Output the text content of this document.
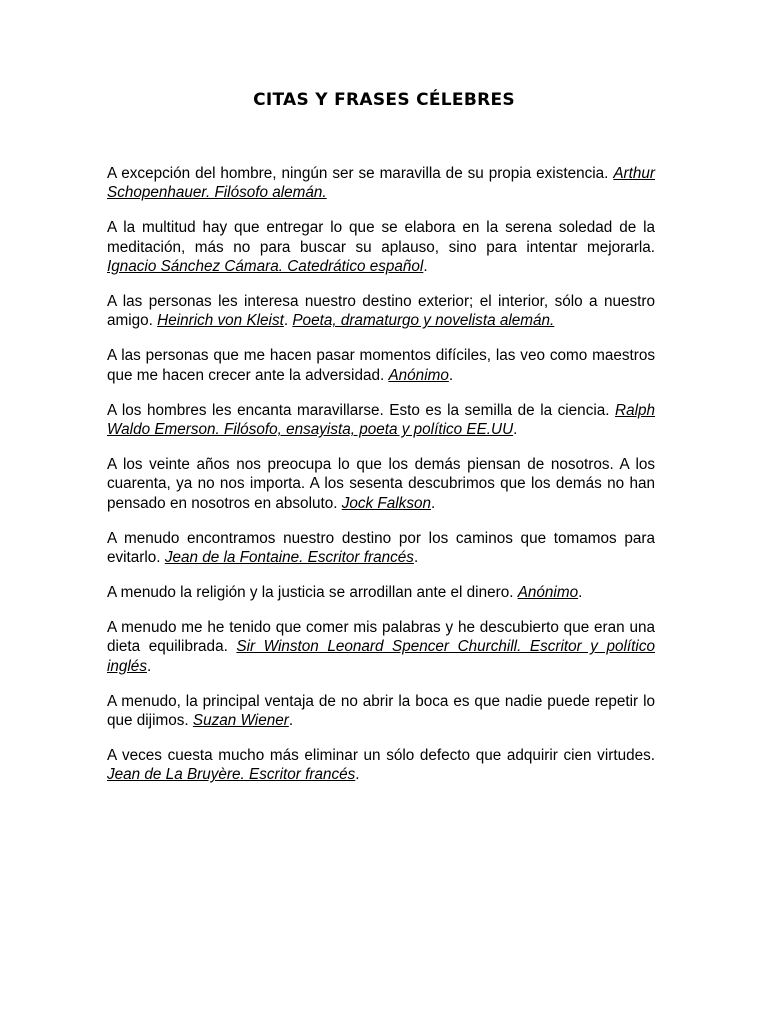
CITAS Y FRASES CÉLEBRES

A excepción del hombre, ningún ser se maravilla de su propia existencia. Arthur Schopenhauer. Filósofo alemán.

A la multitud hay que entregar lo que se elabora en la serena soledad de la meditación, más no para buscar su aplauso, sino para intentar mejorarla. Ignacio Sánchez Cámara. Catedrático español.

A las personas les interesa nuestro destino exterior; el interior, sólo a nuestro amigo. Heinrich von Kleist. Poeta, dramaturgo y novelista alemán.

A las personas que me hacen pasar momentos difíciles, las veo como maestros que me hacen crecer ante la adversidad. Anónimo.

A los hombres les encanta maravillarse. Esto es la semilla de la ciencia. Ralph Waldo Emerson. Filósofo, ensayista, poeta y político EE.UU.

A los veinte años nos preocupa lo que los demás piensan de nosotros. A los cuarenta, ya no nos importa. A los sesenta descubrimos que los demás no han pensado en nosotros en absoluto. Jock Falkson.

A menudo encontramos nuestro destino por los caminos que tomamos para evitarlo. Jean de la Fontaine. Escritor francés.

A menudo la religión y la justicia se arrodillan ante el dinero. Anónimo.

A menudo me he tenido que comer mis palabras y he descubierto que eran una dieta equilibrada. Sir Winston Leonard Spencer Churchill. Escritor y político inglés.

A menudo, la principal ventaja de no abrir la boca es que nadie puede repetir lo que dijimos. Suzan Wiener.

A veces cuesta mucho más eliminar un sólo defecto que adquirir cien virtudes. Jean de La Bruyère. Escritor francés.
